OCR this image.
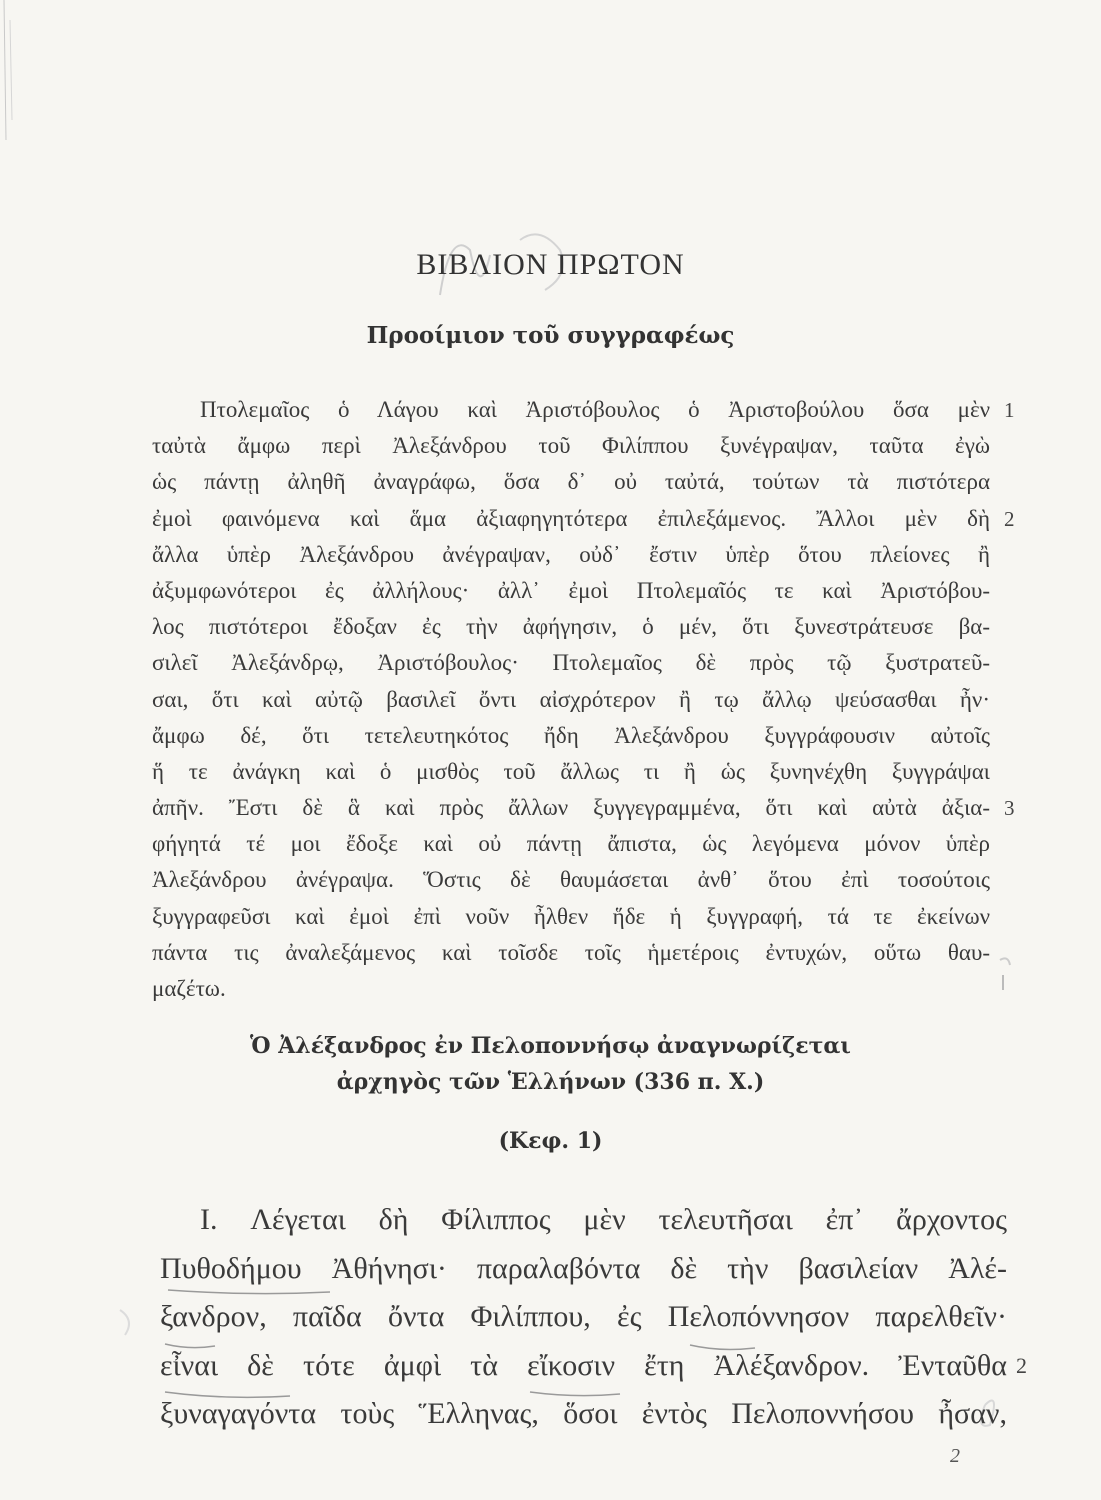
ΒΙΒΛΙΟΝ ΠΡΩΤΟΝ
Προοίμιον τοῦ συγγραφέως
Πτολεμαῖος ὁ Λάγου καὶ Ἀριστόβουλος ὁ Ἀριστοβούλου ὅσα μὲν 1
ταὐτὰ ἄμφω περὶ Ἀλεξάνδρου τοῦ Φιλίππου ξυνέγραψαν, ταῦτα ἐγὼ
ὡς πάντῃ ἀληθῆ ἀναγράφω, ὅσα δ᾽ οὐ ταὐτά, τούτων τὰ πιστότερα
ἐμοὶ φαινόμενα καὶ ἅμα ἀξιαφηγητότερα ἐπιλεξάμενος. Ἄλλοι μὲν δὴ 2
ἄλλα ὑπὲρ Ἀλεξάνδρου ἀνέγραψαν, οὐδ᾽ ἔστιν ὑπὲρ ὅτου πλείονες ἢ
ἀξυμφωνότεροι ἐς ἀλλήλους· ἀλλ᾽ ἐμοὶ Πτολεμαῖός τε καὶ Ἀριστόβου-
λος πιστότεροι ἔδοξαν ἐς τὴν ἀφήγησιν, ὁ μέν, ὅτι ξυνεστράτευσε βα-
σιλεῖ Ἀλεξάνδρῳ, Ἀριστόβουλος· Πτολεμαῖος δὲ πρὸς τῷ ξυστρατεῦ-
σαι, ὅτι καὶ αὐτῷ βασιλεῖ ὄντι αἰσχρότερον ἢ τῳ ἄλλῳ ψεύσασθαι ἦν·
ἄμφω δέ, ὅτι τετελευτηκότος ἤδη Ἀλεξάνδρου ξυγγράφουσιν αὐτοῖς
ἥ τε ἀνάγκη καὶ ὁ μισθὸς τοῦ ἄλλως τι ἢ ὡς ξυνηνέχθη ξυγγράψαι
ἀπῆν. Ἔστι δὲ ἃ καὶ πρὸς ἄλλων ξυγγεγραμμένα, ὅτι καὶ αὐτὰ ἀξια- 3
φήγητά τέ μοι ἔδοξε καὶ οὐ πάντῃ ἄπιστα, ὡς λεγόμενα μόνον ὑπὲρ
Ἀλεξάνδρου ἀνέγραψα. Ὅστις δὲ θαυμάσεται ἀνθ᾽ ὅτου ἐπὶ τοσούτοις
ξυγγραφεῦσι καὶ ἐμοὶ ἐπὶ νοῦν ἦλθεν ἥδε ἡ ξυγγραφή, τά τε ἐκείνων
πάντα τις ἀναλεξάμενος καὶ τοῖσδε τοῖς ἡμετέροις ἐντυχών, οὕτω θαυ-
μαζέτω.
Ὁ Ἀλέξανδρος ἐν Πελοποννήσῳ ἀναγνωρίζεται
ἀρχηγὸς τῶν Ἑλλήνων (336 π. Χ.)
(Κεφ. 1)
I. Λέγεται δὴ Φίλιππος μὲν τελευτῆσαι ἐπ᾽ ἄρχοντος
Πυθοδήμου Ἀθήνησι· παραλαβόντα δὲ τὴν βασιλείαν Ἀλέ-
ξανδρον, παῖδα ὄντα Φιλίππου, ἐς Πελοπόννησον παρελθεῖν·
εἶναι δὲ τότε ἀμφὶ τὰ εἴκοσιν ἔτη Ἀλέξανδρον. Ἐνταῦθα 2
ξυναγαγόντα τοὺς Ἕλληνας, ὅσοι ἐντὸς Πελοποννήσου ἦσαν,
2
